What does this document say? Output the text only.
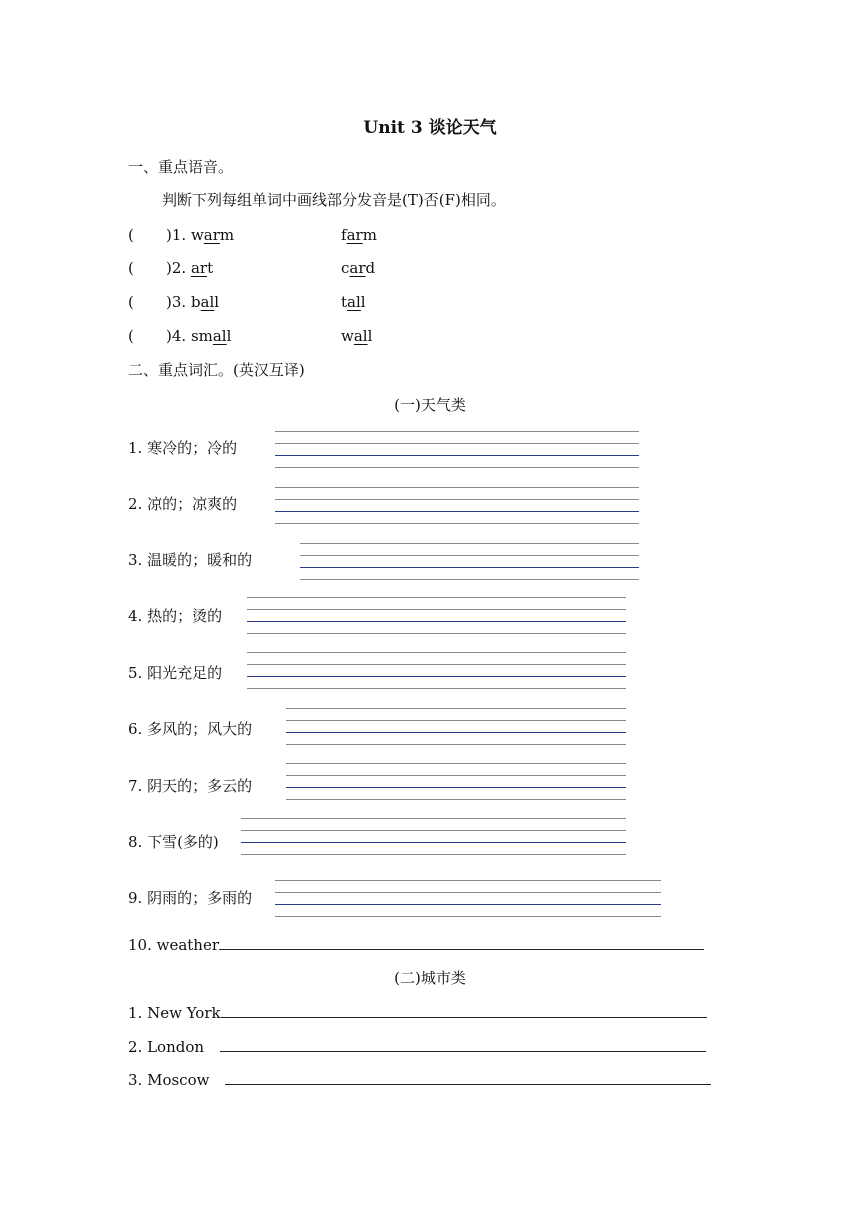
Unit 3 谈论天气
一、重点语音。
判断下列每组单词中画线部分发音是(T)否(F)相同。
( )1. warm	farm
( )2. art	card
( )3. ball	tall
( )4. small	wall
二、重点词汇。(英汉互译)
(一)天气类
1. 寒冷的；冷的
2. 凉的；凉爽的
3. 温暖的；暖和的
4. 热的；烫的
5. 阳光充足的
6. 多风的；风大的
7. 阴天的；多云的
8. 下雪(多的)
9. 阴雨的；多雨的
10. weather
(二)城市类
1. New York
2. London
3. Moscow
